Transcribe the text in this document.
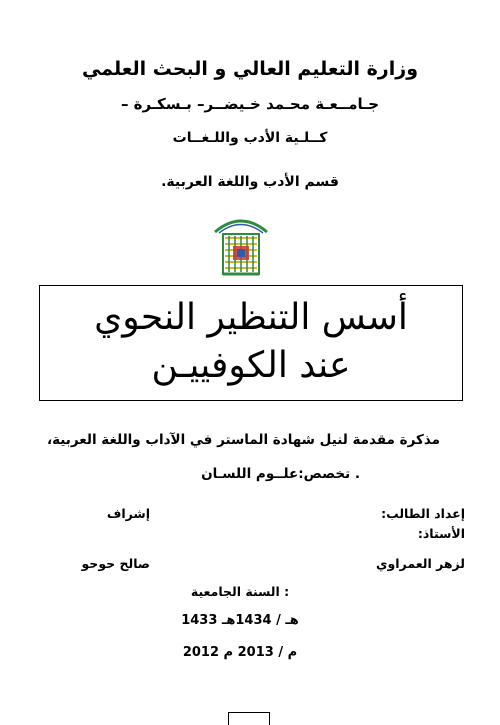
وزارة التعليم العالي و البحث العلمي
جـامــعـة محـمد خـيضــر– بـسكـرة –
كــلـية الأدب واللـغــات
قسم الأدب واللغة العربية.
أسس التنظير النحوي
عند الكوفييـن
مذكرة مقدمة لنيل شهادة الماستر في الآداب واللغة العربية،
. تخصص:علــوم اللسـان
إعداد الطالب:
إشراف
الأستاذ:
لزهر العمراوي
صالح حوحو
: السنة الجامعية
هـ / 1434هـ 1433
م / 2013 م 2012
